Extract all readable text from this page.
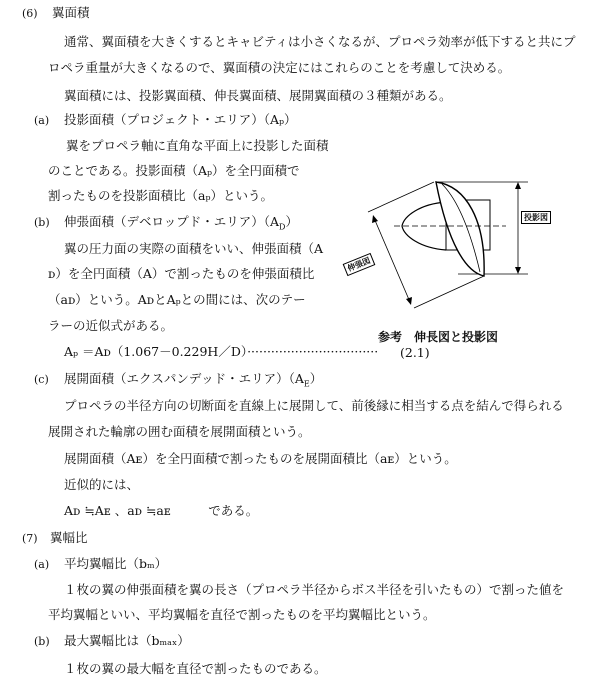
(6) 翼面積
通常、翼面積を大きくするとキャビティは小さくなるが、プロペラ効率が低下すると共にプ
ロペラ重量が大きくなるので、翼面積の決定にはこれらのことを考慮して決める。
翼面積には、投影翼面積、伸長翼面積、展開翼面積の３種類がある。
(a) 投影面積（プロジェクト・エリア）（Aₚ）
翼をプロペラ軸に直角な平面上に投影した面積
のことである。投影面積（Aₚ）を全円面積で
割ったものを投影面積比（aₚ）という。
(b) 伸張面積（デベロップド・エリア）$(A_D)$
翼の圧力面の実際の面積をいい、伸張面積（A
ᴅ）を全円面積（A）で割ったものを伸張面積比
（aᴅ）という。AᴅとAₚとの間には、次のテー
ラーの近似式がある。
Aₚ ＝Aᴅ（1.067－0.229H／D）································· (2.1)
(c) 展開面積（エクスパンデッド・エリア）$(A_E)$
プロペラの半径方向の切断面を直線上に展開して、前後縁に相当する点を結んで得られる
展開された輪廓の囲む面積を展開面積という。
展開面積（Aᴇ）を全円面積で割ったものを展開面積比（aᴇ）という。
近似的には、
Aᴅ ≒Aᴇ 、aᴅ ≒aᴇ　　　である。
(7) 翼幅比
(a) 平均翼幅比（bₘ）
１枚の翼の伸張面積を翼の長さ（プロペラ半径からボス半径を引いたもの）で割った値を
平均翼幅といい、平均翼幅を直径で割ったものを平均翼幅比という。
(b) 最大翼幅比は（bₘₐₓ）
１枚の翼の最大幅を直径で割ったものである。
投影図
伸張図
参考　伸長図と投影図
